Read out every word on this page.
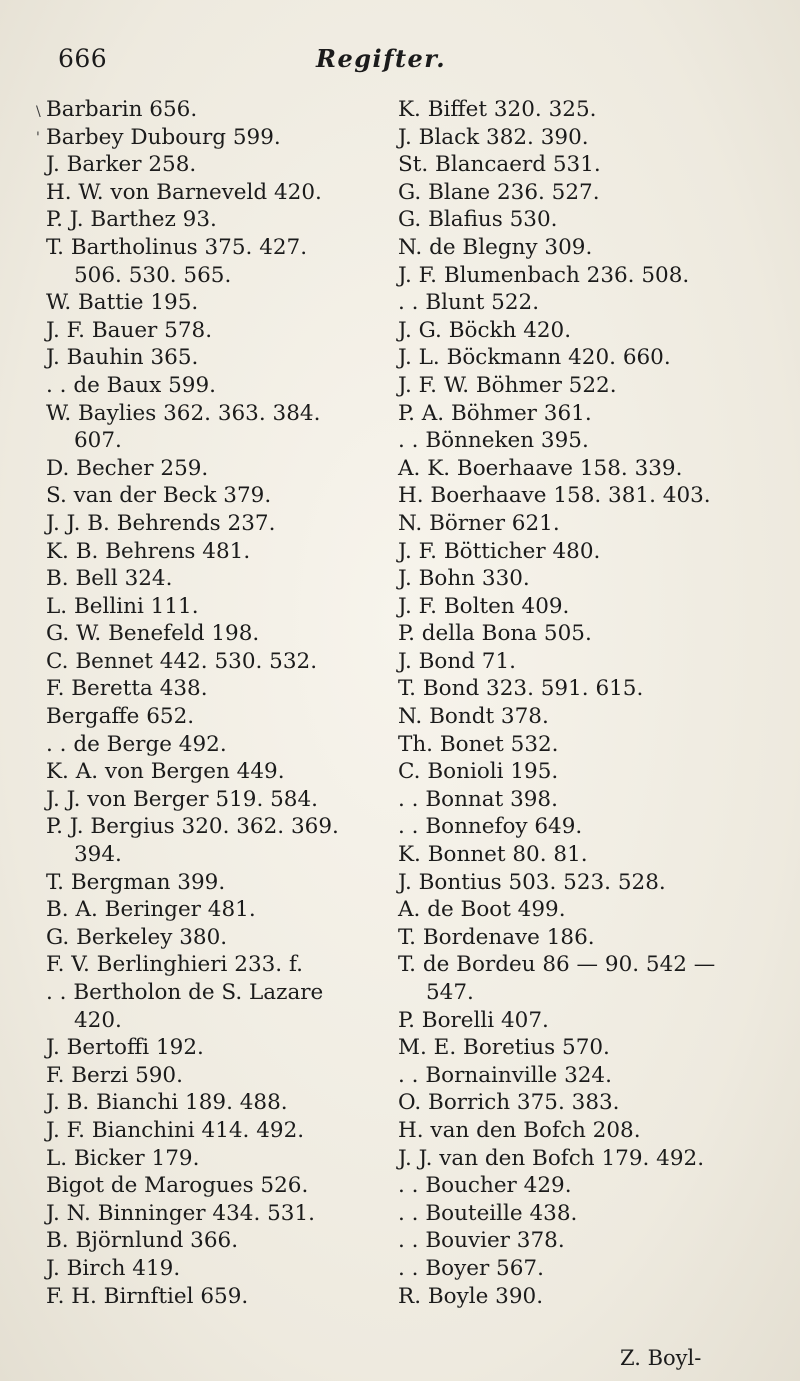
666	Regifter.
\
'
Barbarin 656.
Barbey Dubourg 599.
J. Barker 258.
H. W. von Barneveld 420.
P. J. Barthez 93.
T. Bartholinus 375. 427.
506. 530. 565.
W. Battie 195.
J. F. Bauer 578.
J. Bauhin 365.
. . de Baux 599.
W. Baylies 362. 363. 384.
607.
D. Becher 259.
S. van der Beck 379.
J. J. B. Behrends 237.
K. B. Behrens 481.
B. Bell 324.
L. Bellini 111.
G. W. Benefeld 198.
C. Bennet 442. 530. 532.
F. Beretta 438.
Bergaffe 652.
. . de Berge 492.
K. A. von Bergen 449.
J. J. von Berger 519. 584.
P. J. Bergius 320. 362. 369.
394.
T. Bergman 399.
B. A. Beringer 481.
G. Berkeley 380.
F. V. Berlinghieri 233. f.
. . Bertholon de S. Lazare
420.
J. Bertoffi 192.
F. Berzi 590.
J. B. Bianchi 189. 488.
J. F. Bianchini 414. 492.
L. Bicker 179.
Bigot de Marogues 526.
J. N. Binninger 434. 531.
B. Björnlund 366.
J. Birch 419.
F. H. Birnftiel 659.
K. Biffet 320. 325.
J. Black 382. 390.
St. Blancaerd 531.
G. Blane 236. 527.
G. Blafius 530.
N. de Blegny 309.
J. F. Blumenbach 236. 508.
. . Blunt 522.
J. G. Böckh 420.
J. L. Böckmann 420. 660.
J. F. W. Böhmer 522.
P. A. Böhmer 361.
. . Bönneken 395.
A. K. Boerhaave 158. 339.
H. Boerhaave 158. 381. 403.
N. Börner 621.
J. F. Bötticher 480.
J. Bohn 330.
J. F. Bolten 409.
P. della Bona 505.
J. Bond 71.
T. Bond 323. 591. 615.
N. Bondt 378.
Th. Bonet 532.
C. Bonioli 195.
. . Bonnat 398.
. . Bonnefoy 649.
K. Bonnet 80. 81.
J. Bontius 503. 523. 528.
A. de Boot 499.
T. Bordenave 186.
T. de Bordeu 86 — 90. 542 —
547.
P. Borelli 407.
M. E. Boretius 570.
. . Bornainville 324.
O. Borrich 375. 383.
H. van den Bofch 208.
J. J. van den Bofch 179. 492.
. . Boucher 429.
. . Bouteille 438.
. . Bouvier 378.
. . Boyer 567.
R. Boyle 390.
Z. Boyl-
